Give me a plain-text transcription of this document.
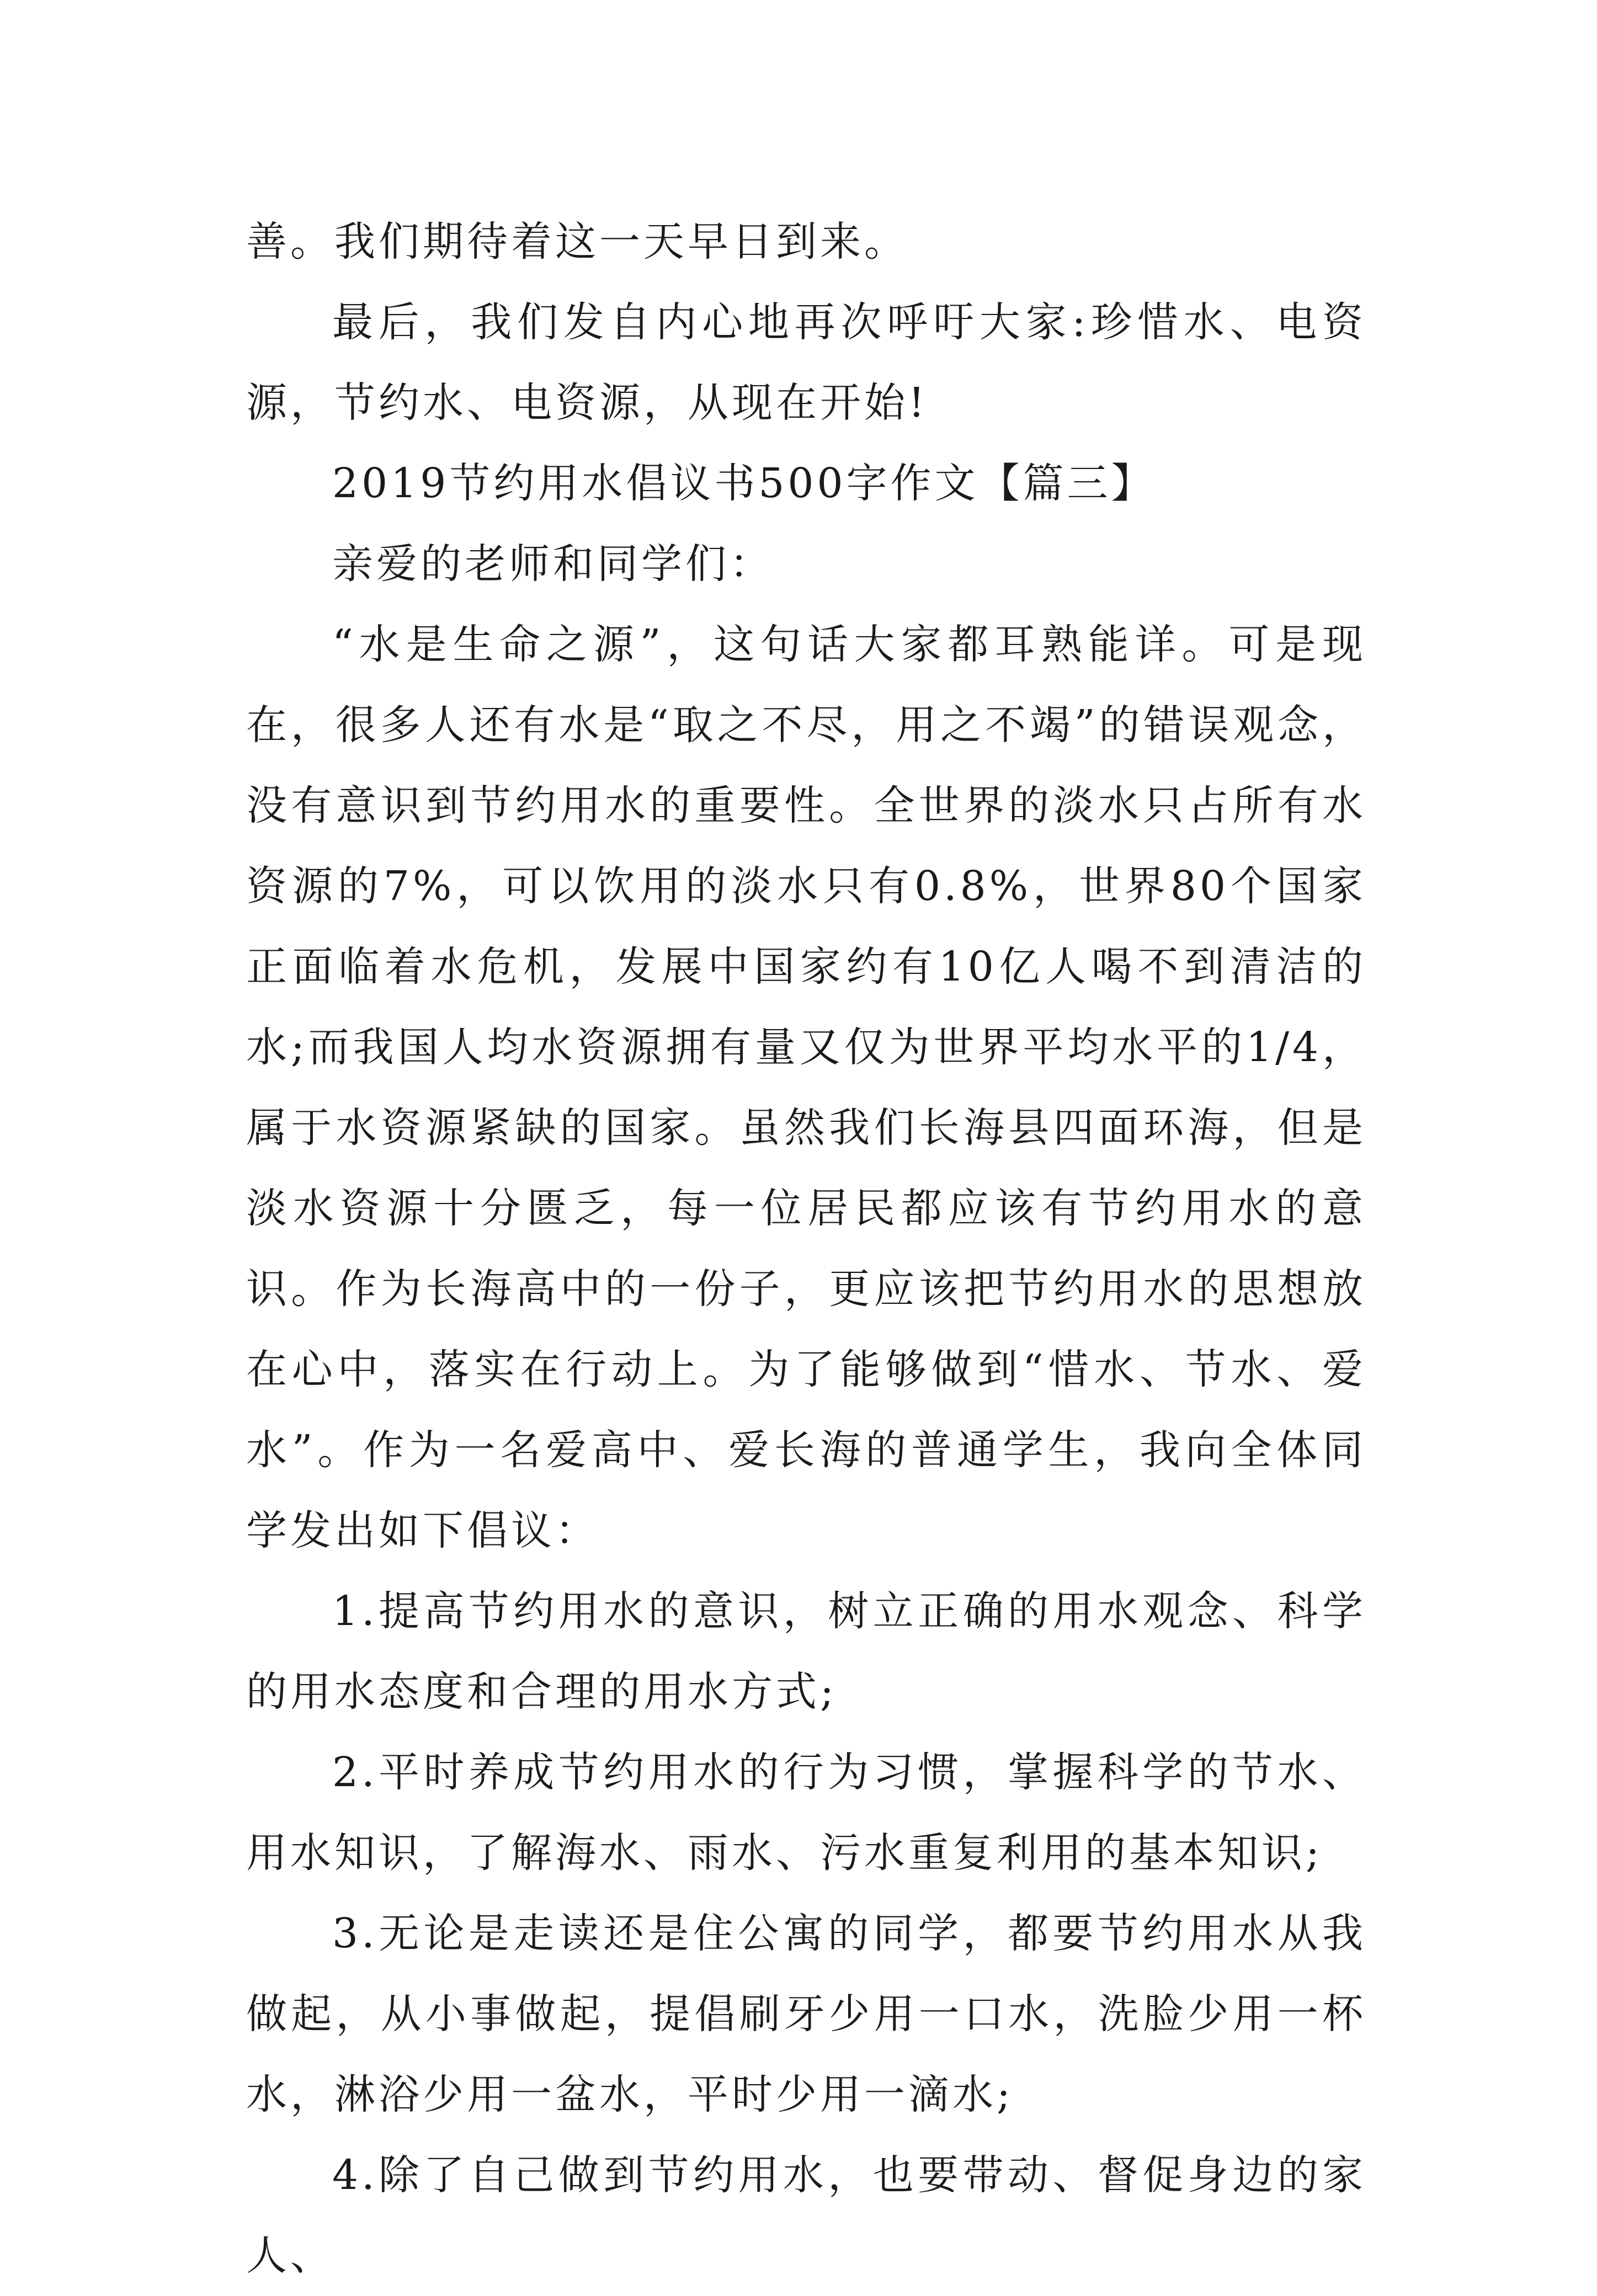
善。我们期待着这一天早日到来。

最后，我们发自内心地再次呼吁大家:珍惜水、电资源，节约水、电资源，从现在开始!

2019节约用水倡议书500字作文【篇三】

亲爱的老师和同学们：

“水是生命之源”，这句话大家都耳熟能详。可是现在，很多人还有水是“取之不尽，用之不竭”的错误观念，没有意识到节约用水的重要性。全世界的淡水只占所有水资源的7%，可以饮用的淡水只有0.8%，世界80个国家正面临着水危机，发展中国家约有10亿人喝不到清洁的水;而我国人均水资源拥有量又仅为世界平均水平的1/4，属于水资源紧缺的国家。虽然我们长海县四面环海，但是淡水资源十分匮乏，每一位居民都应该有节约用水的意识。作为长海高中的一份子，更应该把节约用水的思想放在心中，落实在行动上。为了能够做到“惜水、节水、爱水”。作为一名爱高中、爱长海的普通学生，我向全体同学发出如下倡议：

1.提高节约用水的意识，树立正确的用水观念、科学的用水态度和合理的用水方式;

2.平时养成节约用水的行为习惯，掌握科学的节水、用水知识，了解海水、雨水、污水重复利用的基本知识;

3.无论是走读还是住公寓的同学，都要节约用水从我做起，从小事做起，提倡刷牙少用一口水，洗脸少用一杯水，淋浴少用一盆水，平时少用一滴水;

4.除了自己做到节约用水，也要带动、督促身边的家人、
